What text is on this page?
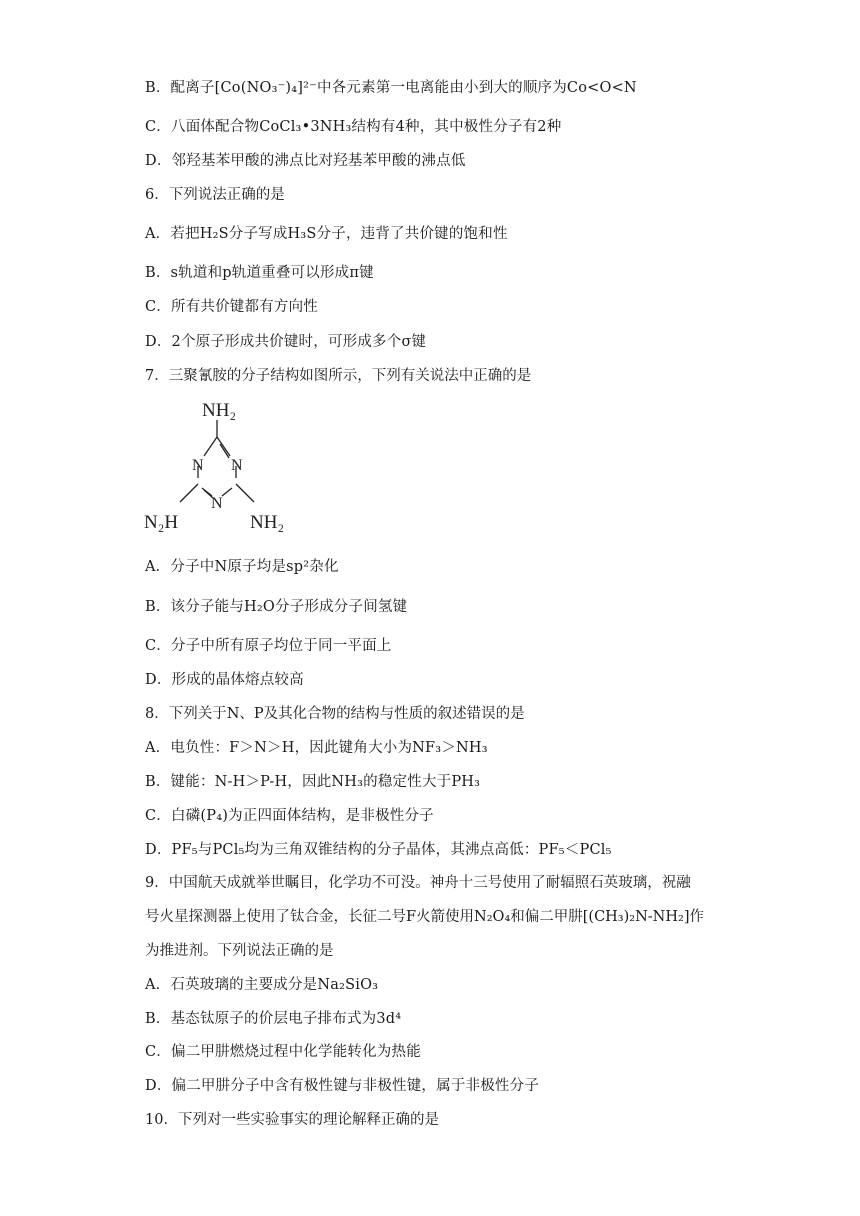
B．配离子[Co(NO₃⁻)₄]²⁻中各元素第一电离能由小到大的顺序为Co<O<N
C．八面体配合物CoCl₃•3NH₃结构有4种，其中极性分子有2种
D．邻羟基苯甲酸的沸点比对羟基苯甲酸的沸点低
6．下列说法正确的是
A．若把H₂S分子写成H₃S分子，违背了共价键的饱和性
B．s轨道和p轨道重叠可以形成π键
C．所有共价键都有方向性
D．2个原子形成共价键时，可形成多个σ键
7．三聚氰胺的分子结构如图所示，下列有关说法中正确的是
NH₂
N N
N
N₂H	NH₂
A．分子中N原子均是sp²杂化
B．该分子能与H₂O分子形成分子间氢键
C．分子中所有原子均位于同一平面上
D．形成的晶体熔点较高
8．下列关于N、P及其化合物的结构与性质的叙述错误的是
A．电负性：F＞N＞H，因此键角大小为NF₃＞NH₃
B．键能：N-H＞P-H，因此NH₃的稳定性大于PH₃
C．白磷(P₄)为正四面体结构，是非极性分子
D．PF₅与PCl₅均为三角双锥结构的分子晶体，其沸点高低：PF₅＜PCl₅
9．中国航天成就举世瞩目，化学功不可没。神舟十三号使用了耐辐照石英玻璃，祝融
号火星探测器上使用了钛合金，长征二号F火箭使用N₂O₄和偏二甲肼[(CH₃)₂N-NH₂]作
为推进剂。下列说法正确的是
A．石英玻璃的主要成分是Na₂SiO₃
B．基态钛原子的价层电子排布式为3d⁴
C．偏二甲肼燃烧过程中化学能转化为热能
D．偏二甲肼分子中含有极性键与非极性键，属于非极性分子
10．下列对一些实验事实的理论解释正确的是
